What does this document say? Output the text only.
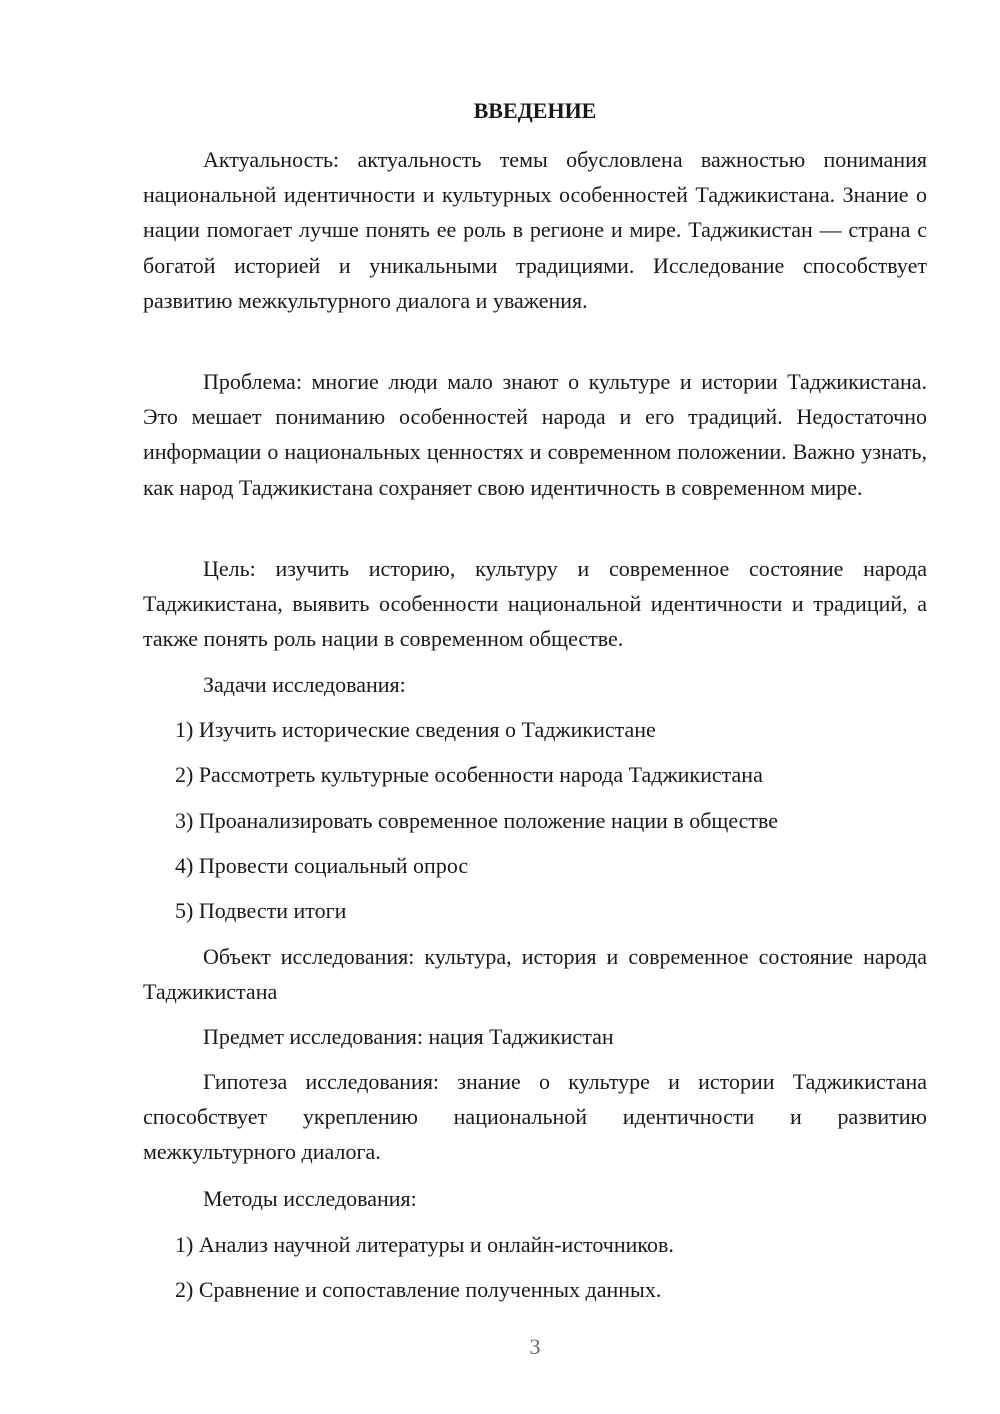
ВВЕДЕНИЕ

Актуальность: актуальность темы обусловлена важностью понимания национальной идентичности и культурных особенностей Таджикистана. Знание о нации помогает лучше понять ее роль в регионе и мире. Таджикистан — страна с богатой историей и уникальными традициями. Исследование способствует развитию межкультурного диалога и уважения.

Проблема: многие люди мало знают о культуре и истории Таджикистана. Это мешает пониманию особенностей народа и его традиций. Недостаточно информации о национальных ценностях и современном положении. Важно узнать, как народ Таджикистана сохраняет свою идентичность в современном мире.

Цель: изучить историю, культуру и современное состояние народа Таджикистана, выявить особенности национальной идентичности и традиций, а также понять роль нации в современном обществе.

Задачи исследования:

1) Изучить исторические сведения о Таджикистане

2) Рассмотреть культурные особенности народа Таджикистана

3) Проанализировать современное положение нации в обществе

4) Провести социальный опрос

5) Подвести итоги

Объект исследования: культура, история и современное состояние народа Таджикистана

Предмет исследования: нация Таджикистан

Гипотеза исследования: знание о культуре и истории Таджикистана способствует укреплению национальной идентичности и развитию межкультурного диалога.

Методы исследования:

1) Анализ научной литературы и онлайн-источников.

2) Сравнение и сопоставление полученных данных.

3
